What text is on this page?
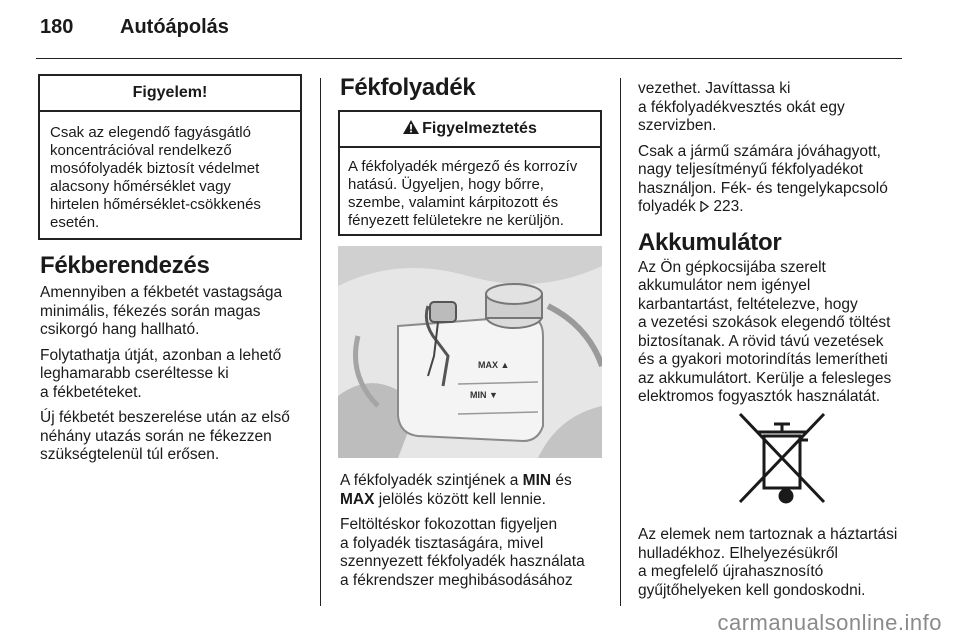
180 Autóápolás
Figyelem!
Csak az elegendő fagyásgátló
koncentrációval rendelkező
mosófolyadék biztosít védelmet
alacsony hőmérséklet vagy
hirtelen hőmérséklet-csökkenés
esetén.
Fékberendezés
Amennyiben a fékbetét vastagsága
minimális, fékezés során magas
csikorgó hang hallható.
Folytathatja útját, azonban a lehető
leghamarabb cseréltesse ki
a fékbetéteket.
Új fékbetét beszerelése után az első
néhány utazás során ne fékezzen
szükségtelenül túl erősen.
Fékfolyadék
Figyelmeztetés
A fékfolyadék mérgező és korrozív
hatású. Ügyeljen, hogy bőrre,
szembe, valamint kárpitozott és
fényezett felületekre ne kerüljön.
MAX ▲
MIN ▼
A fékfolyadék szintjének a MIN és
MAX jelölés között kell lennie.
Feltöltéskor fokozottan figyeljen
a folyadék tisztaságára, mivel
szennyezett fékfolyadék használata
a fékrendszer meghibásodásához
vezethet. Javíttassa ki
a fékfolyadékvesztés okát egy
szervizben.
Csak a jármű számára jóváhagyott,
nagy teljesítményű fékfolyadékot
használjon. Fék- és tengelykapcsoló
folyadék  223.
Akkumulátor
Az Ön gépkocsijába szerelt
akkumulátor nem igényel
karbantartást, feltételezve, hogy
a vezetési szokások elegendő töltést
biztosítanak. A rövid távú vezetések
és a gyakori motorindítás lemerítheti
az akkumulátort. Kerülje a felesleges
elektromos fogyasztók használatát.
Az elemek nem tartoznak a háztartási
hulladékhoz. Elhelyezésükről
a megfelelő újrahasznosító
gyűjtőhelyeken kell gondoskodni.
carmanualsonline.info
